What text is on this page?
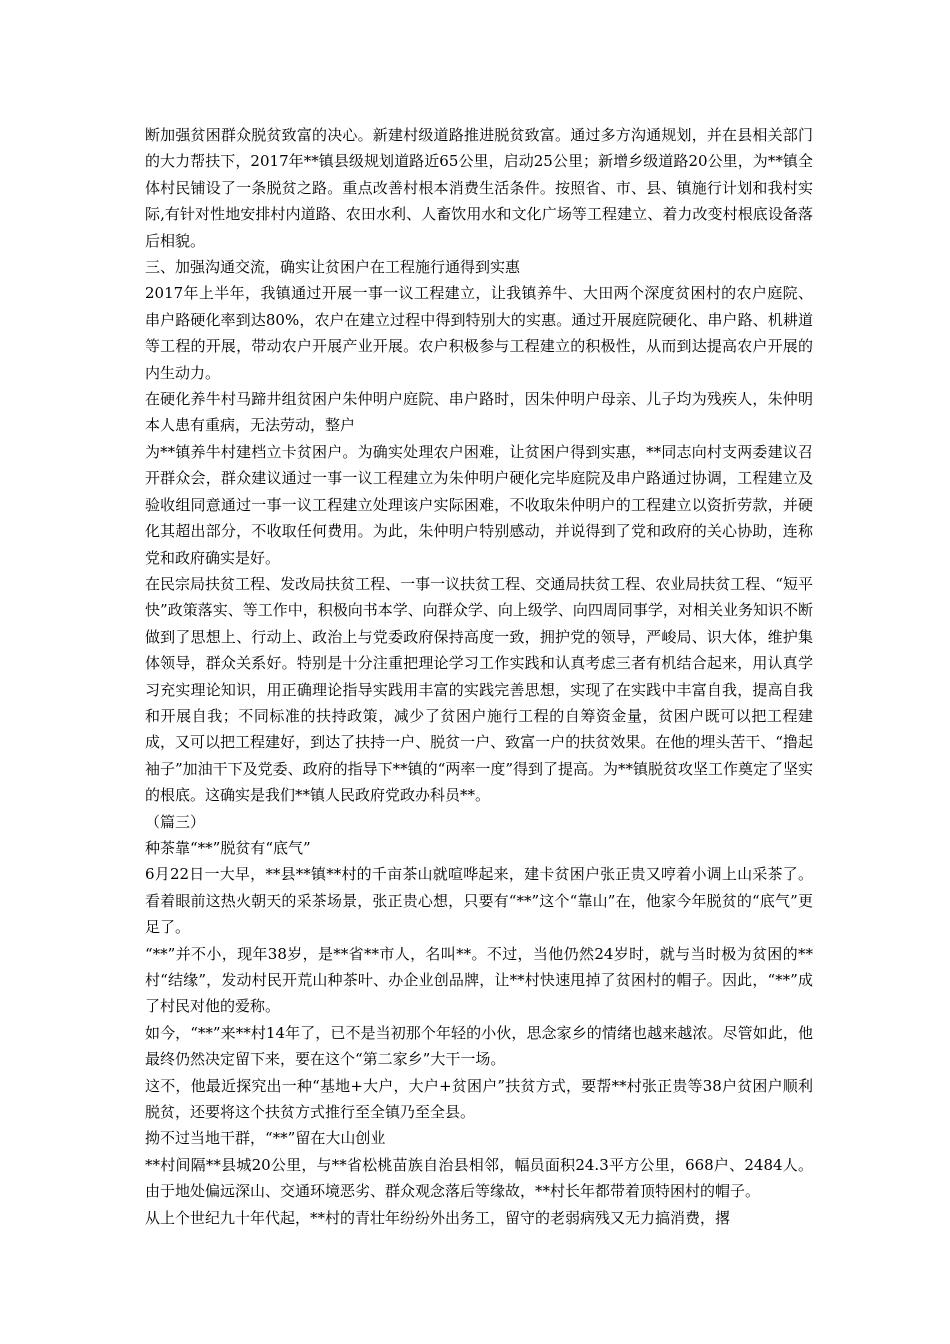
断加强贫困群众脱贫致富的决心。新建村级道路推进脱贫致富。通过多方沟通规划，并在县相关部门的大力帮扶下，2017年**镇县级规划道路近65公里，启动25公里；新增乡级道路20公里，为**镇全体村民铺设了一条脱贫之路。重点改善村根本消费生活条件。按照省、市、县、镇施行计划和我村实际,有针对性地安排村内道路、农田水利、人畜饮用水和文化广场等工程建立、着力改变村根底设备落后相貌。

三、加强沟通交流，确实让贫困户在工程施行通得到实惠

2017年上半年，我镇通过开展一事一议工程建立，让我镇养牛、大田两个深度贫困村的农户庭院、串户路硬化率到达80%，农户在建立过程中得到特别大的实惠。通过开展庭院硬化、串户路、机耕道等工程的开展，带动农户开展产业开展。农户积极参与工程建立的积极性，从而到达提高农户开展的内生动力。

在硬化养牛村马蹄井组贫困户朱仲明户庭院、串户路时，因朱仲明户母亲、儿子均为残疾人，朱仲明本人患有重病，无法劳动，整户

为**镇养牛村建档立卡贫困户。为确实处理农户困难，让贫困户得到实惠，**同志向村支两委建议召开群众会，群众建议通过一事一议工程建立为朱仲明户硬化完毕庭院及串户路通过协调，工程建立及验收组同意通过一事一议工程建立处理该户实际困难，不收取朱仲明户的工程建立以资折劳款，并硬化其超出部分，不收取任何费用。为此，朱仲明户特别感动，并说得到了党和政府的关心协助，连称党和政府确实是好。

在民宗局扶贫工程、发改局扶贫工程、一事一议扶贫工程、交通局扶贫工程、农业局扶贫工程、“短平快”政策落实、等工作中，积极向书本学、向群众学、向上级学、向四周同事学，对相关业务知识不断做到了思想上、行动上、政治上与党委政府保持高度一致，拥护党的领导，严峻局、识大体，维护集体领导，群众关系好。特别是十分注重把理论学习工作实践和认真考虑三者有机结合起来，用认真学习充实理论知识，用正确理论指导实践用丰富的实践完善思想，实现了在实践中丰富自我，提高自我和开展自我；不同标准的扶持政策，减少了贫困户施行工程的自筹资金量，贫困户既可以把工程建成，又可以把工程建好，到达了扶持一户、脱贫一户、致富一户的扶贫效果。在他的埋头苦干、“撸起袖子”加油干下及党委、政府的指导下**镇的“两率一度”得到了提高。为**镇脱贫攻坚工作奠定了坚实的根底。这确实是我们**镇人民政府党政办科员**。

（篇三）

种茶靠“**”脱贫有“底气”

6月22日一大早，**县**镇**村的千亩茶山就喧哗起来，建卡贫困户张正贵又哼着小调上山采茶了。看着眼前这热火朝天的采茶场景，张正贵心想，只要有“**”这个“靠山”在，他家今年脱贫的“底气”更足了。

“**”并不小，现年38岁，是**省**市人，名叫**。不过，当他仍然24岁时，就与当时极为贫困的**村“结缘”，发动村民开荒山种茶叶、办企业创品牌，让**村快速甩掉了贫困村的帽子。因此，“**”成了村民对他的爱称。

如今，“**”来**村14年了，已不是当初那个年轻的小伙，思念家乡的情绪也越来越浓。尽管如此，他最终仍然决定留下来，要在这个“第二家乡”大干一场。

这不，他最近探究出一种“基地+大户，大户+贫困户”扶贫方式，要帮**村张正贵等38户贫困户顺利脱贫，还要将这个扶贫方式推行至全镇乃至全县。

拗不过当地干群，“**”留在大山创业

**村间隔**县城20公里，与**省松桃苗族自治县相邻，幅员面积24.3平方公里，668户、2484人。由于地处偏远深山、交通环境恶劣、群众观念落后等缘故，**村长年都带着顶特困村的帽子。

从上个世纪九十年代起，**村的青壮年纷纷外出务工，留守的老弱病残又无力搞消费，撂
